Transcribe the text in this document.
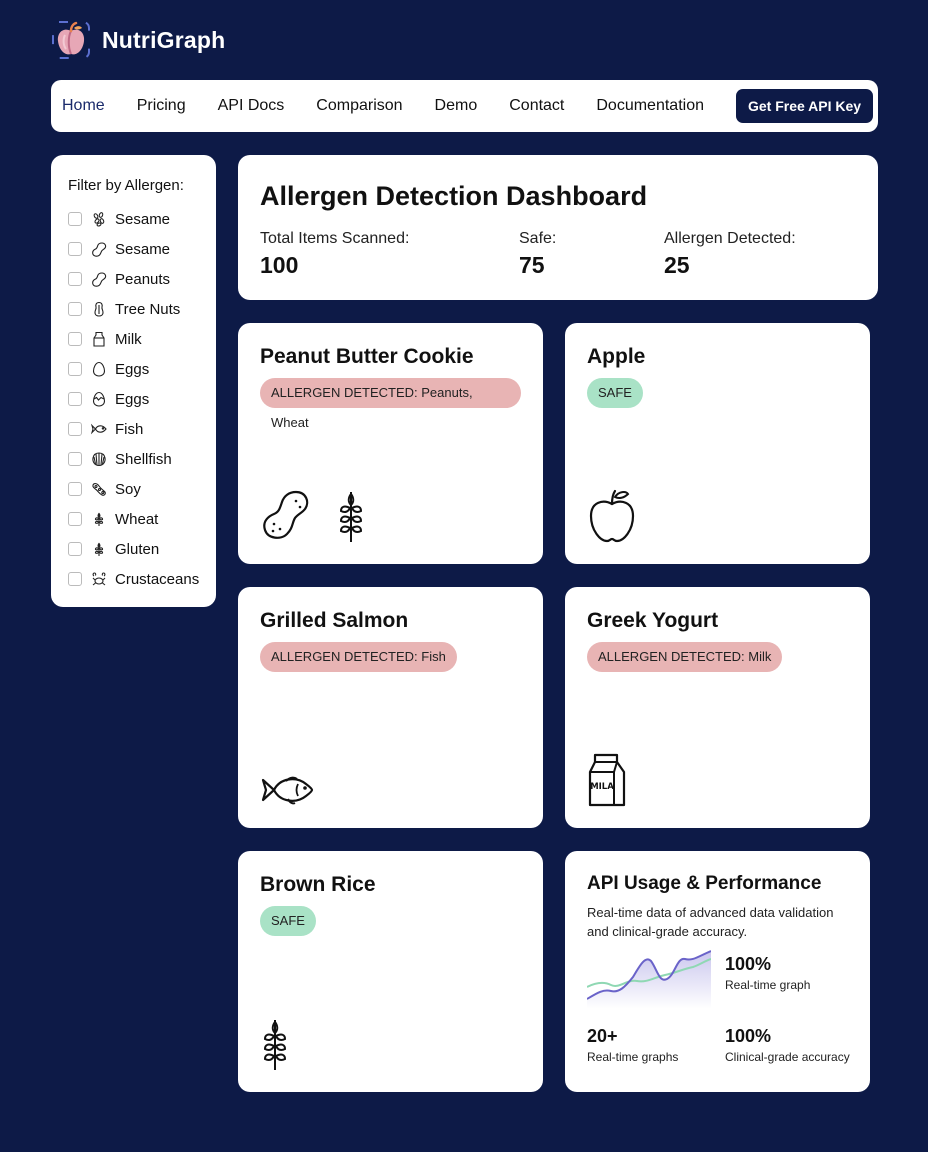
NutriGraph
Home Pricing API Docs Comparison Demo Contact Documentation	Get Free API Key
Filter by Allergen:
Sesame
Sesame
Peanuts
Tree Nuts
Milk
Eggs
Eggs
Fish
Shellfish
Soy
Wheat
Gluten
Crustaceans
Allergen Detection Dashboard
Total Items Scanned:
100
Safe:
75
Allergen Detected:
25
Peanut Butter Cookie
ALLERGEN DETECTED: Peanuts, Wheat
Apple
SAFE
Grilled Salmon
ALLERGEN DETECTED: Fish
Greek Yogurt
ALLERGEN DETECTED: Milk
MILA
Brown Rice
SAFE
API Usage & Performance
Real-time data of advanced data validation and clinical-grade accuracy.
100%
Real-time graph
20+
Real-time graphs
100%
Clinical-grade accuracy
